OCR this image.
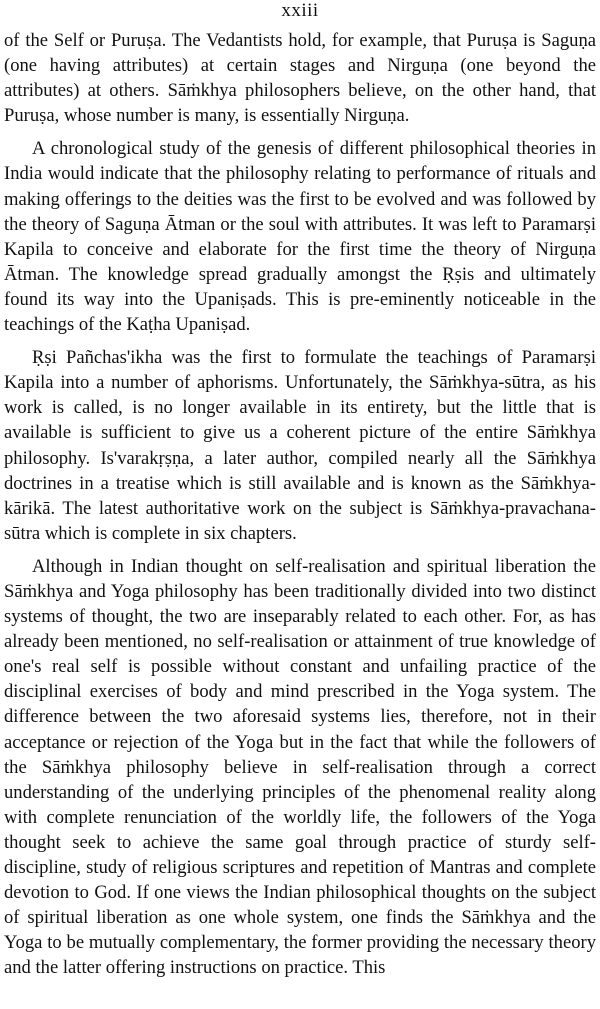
xxiii

of the Self or Puruṣa. The Vedantists hold, for example, that Puruṣa is Saguṇa (one having attributes) at certain stages and Nirguṇa (one beyond the attributes) at others. Sāṁkhya philosophers believe, on the other hand, that Puruṣa, whose number is many, is essentially Nirguṇa.

A chronological study of the genesis of different philosophical theories in India would indicate that the philosophy relating to performance of rituals and making offerings to the deities was the first to be evolved and was followed by the theory of Saguṇa Ātman or the soul with attributes. It was left to Paramarṣi Kapila to conceive and elaborate for the first time the theory of Nirguṇa Ātman. The knowledge spread gradually amongst the Ṛṣis and ultimately found its way into the Upaniṣads. This is pre-eminently noticeable in the teachings of the Kaṭha Upaniṣad.

Ṛṣi Pañchas'ikha was the first to formulate the teachings of Paramarṣi Kapila into a number of aphorisms. Unfortunately, the Sāṁkhya-sūtra, as his work is called, is no longer available in its entirety, but the little that is available is sufficient to give us a coherent picture of the entire Sāṁkhya philosophy. Is'varakṛṣṇa, a later author, compiled nearly all the Sāṁkhya doctrines in a treatise which is still available and is known as the Sāṁkhya-kārikā. The latest authoritative work on the subject is Sāṁkhya-pravachana-sūtra which is complete in six chapters.

Although in Indian thought on self-realisation and spiritual liberation the Sāṁkhya and Yoga philosophy has been traditionally divided into two distinct systems of thought, the two are inseparably related to each other. For, as has already been mentioned, no self-realisation or attainment of true knowledge of one's real self is possible without constant and unfailing practice of the disciplinal exercises of body and mind prescribed in the Yoga system. The difference between the two aforesaid systems lies, therefore, not in their acceptance or rejection of the Yoga but in the fact that while the followers of the Sāṁkhya philosophy believe in self-realisation through a correct understanding of the underlying principles of the phenomenal reality along with complete renunciation of the worldly life, the followers of the Yoga thought seek to achieve the same goal through practice of sturdy self-discipline, study of religious scriptures and repetition of Mantras and complete devotion to God. If one views the Indian philosophical thoughts on the subject of spiritual liberation as one whole system, one finds the Sāṁkhya and the Yoga to be mutually complementary, the former providing the necessary theory and the latter offering instructions on practice. This
